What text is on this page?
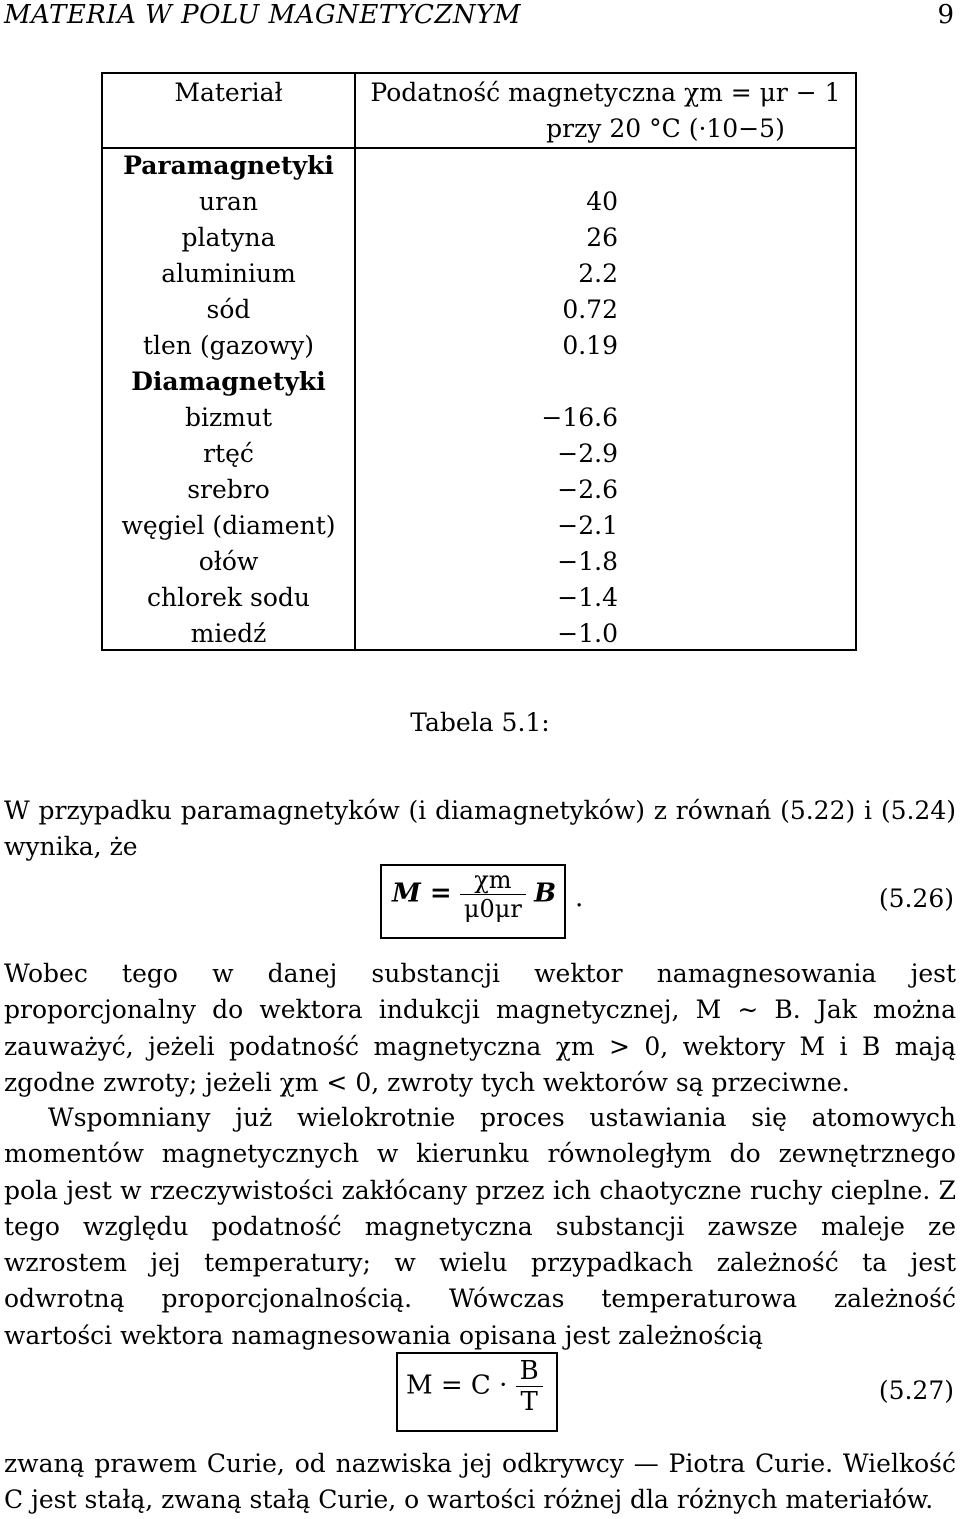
MATERIA W POLU MAGNETYCZNYM	9
Materiał	Podatność magnetyczna χm = μr − 1
przy 20 °C (·10−5)
Paramagnetyki
uran	40
platyna	26
aluminium	2.2
sód	0.72
tlen (gazowy)	0.19
Diamagnetyki
bizmut	−16.6
rtęć	−2.9
srebro	−2.6
węgiel (diament)	−2.1
ołów	−1.8
chlorek sodu	−1.4
miedź	−1.0
Tabela 5.1:
W przypadku paramagnetyków (i diamagnetyków) z równań (5.22) i (5.24) wynika, że
$M = \frac{\chi m}{\mu 0\mu r}$ B .	(5.26)

Wobec tego w danej substancji wektor namagnesowania jest proporcjonalny do wektora indukcji magnetycznej, M ∼ B. Jak można zauważyć, jeżeli podatność magnetyczna χm > 0, wektory M i B mają zgodne zwroty; jeżeli χm < 0, zwroty tych wektorów są przeciwne.

Wspomniany już wielokrotnie proces ustawiania się atomowych momentów magnetycznych w kierunku równoległym do zewnętrznego pola jest w rzeczywistości zakłócany przez ich chaotyczne ruchy cieplne. Z tego względu podatność magnetyczna substancji zawsze maleje ze wzrostem jej temperatury; w wielu przypadkach zależność ta jest odwrotną proporcjonalnością. Wówczas temperaturowa zależność wartości wektora namagnesowania opisana jest zależnością

$M = C \cdot \frac{B}{T}$	(5.27)

zwaną prawem Curie, od nazwiska jej odkrywcy — Piotra Curie. Wielkość C jest stałą, zwaną stałą Curie, o wartości różnej dla różnych materiałów.
